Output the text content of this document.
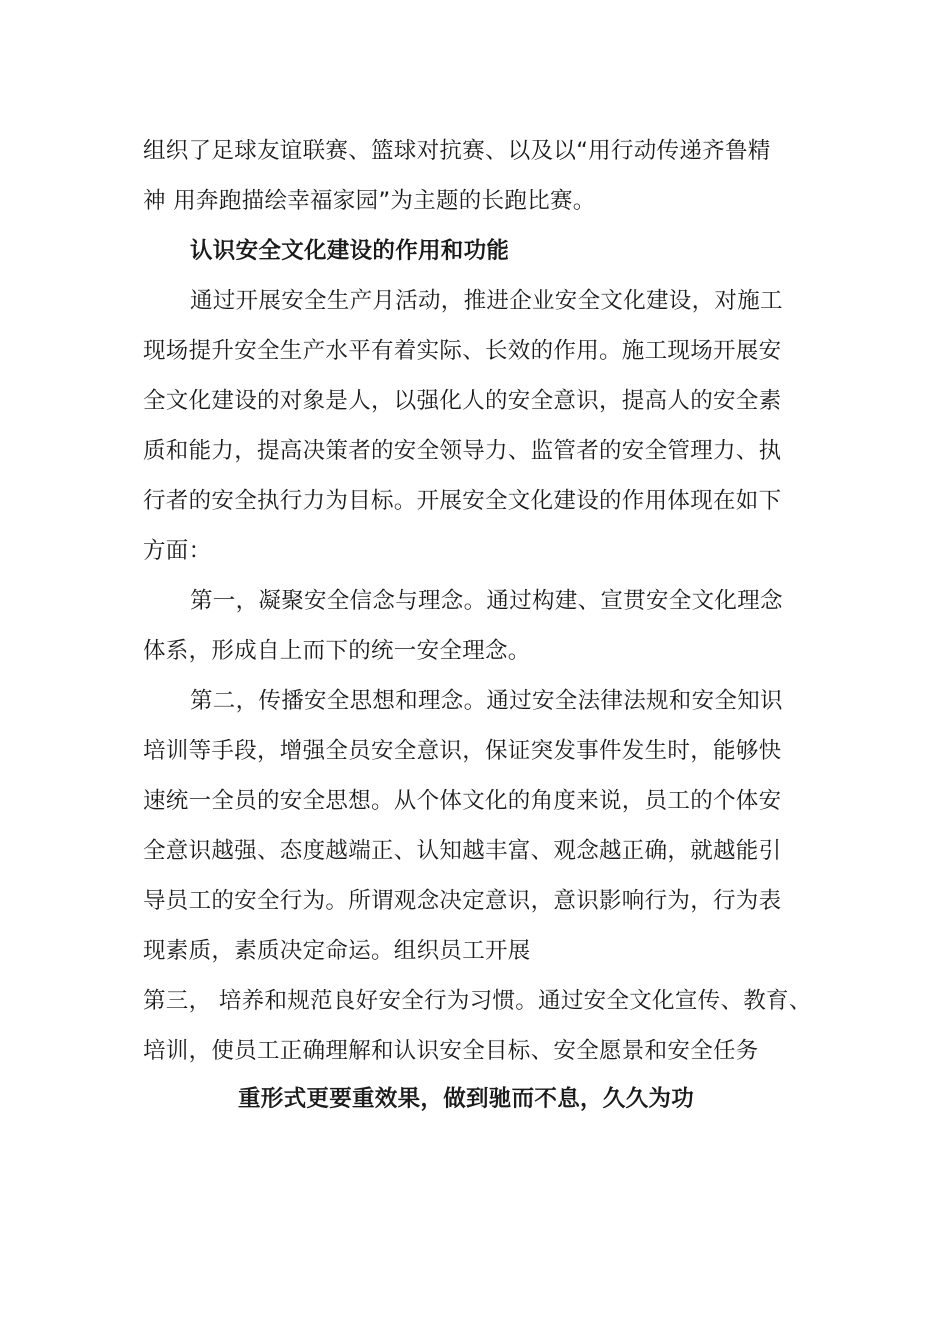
组织了足球友谊联赛、篮球对抗赛、以及以“用行动传递齐鲁精
神 用奔跑描绘幸福家园”为主题的长跑比赛。
认识安全文化建设的作用和功能
通过开展安全生产月活动，推进企业安全文化建设，对施工
现场提升安全生产水平有着实际、长效的作用。施工现场开展安
全文化建设的对象是人，以强化人的安全意识，提高人的安全素
质和能力，提高决策者的安全领导力、监管者的安全管理力、执
行者的安全执行力为目标。开展安全文化建设的作用体现在如下
方面：
第一，凝聚安全信念与理念。通过构建、宣贯安全文化理念
体系，形成自上而下的统一安全理念。
第二，传播安全思想和理念。通过安全法律法规和安全知识
培训等手段，增强全员安全意识，保证突发事件发生时，能够快
速统一全员的安全思想。从个体文化的角度来说，员工的个体安
全意识越强、态度越端正、认知越丰富、观念越正确，就越能引
导员工的安全行为。所谓观念决定意识，意识影响行为，行为表
现素质，素质决定命运。组织员工开展
第三， 培养和规范良好安全行为习惯。通过安全文化宣传、教育、
培训，使员工正确理解和认识安全目标、安全愿景和安全任务
重形式更要重效果，做到驰而不息，久久为功
